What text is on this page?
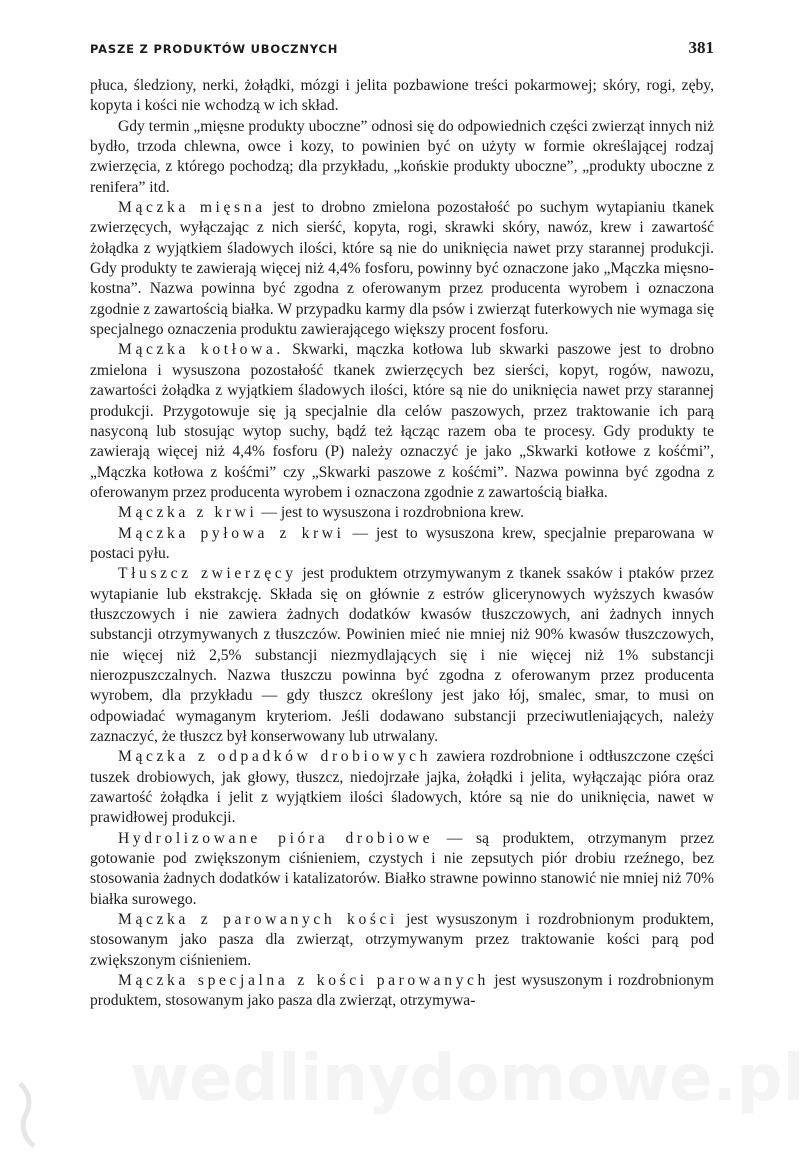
PASZE Z PRODUKTÓW UBOCZNYCH	381

płuca, śledziony, nerki, żołądki, mózgi i jelita pozbawione treści pokarmowej; skóry, rogi, zęby, kopyta i kości nie wchodzą w ich skład.

Gdy termin „mięsne produkty uboczne” odnosi się do odpowiednich części zwierząt innych niż bydło, trzoda chlewna, owce i kozy, to powinien być on użyty w formie określającej rodzaj zwierzęcia, z którego pochodzą; dla przykładu, „końskie produkty uboczne”, „produkty uboczne z renifera” itd.

Mączka mięsna jest to drobno zmielona pozostałość po suchym wytapianiu tkanek zwierzęcych, wyłączając z nich sierść, kopyta, rogi, skrawki skóry, nawóz, krew i zawartość żołądka z wyjątkiem śladowych ilości, które są nie do uniknięcia nawet przy starannej produkcji. Gdy produkty te zawierają więcej niż 4,4% fosforu, powinny być oznaczone jako „Mączka mięsno-kostna”. Nazwa powinna być zgodna z oferowanym przez producenta wyrobem i oznaczona zgodnie z zawartością białka. W przypadku karmy dla psów i zwierząt futerkowych nie wymaga się specjalnego oznaczenia produktu zawierającego większy procent fosforu.

Mączka kotłowa. Skwarki, mączka kotłowa lub skwarki paszowe jest to drobno zmielona i wysuszona pozostałość tkanek zwierzęcych bez sierści, kopyt, rogów, nawozu, zawartości żołądka z wyjątkiem śladowych ilości, które są nie do uniknięcia nawet przy starannej produkcji. Przygotowuje się ją specjalnie dla celów paszowych, przez traktowanie ich parą nasyconą lub stosując wytop suchy, bądź też łącząc razem oba te procesy. Gdy produkty te zawierają więcej niż 4,4% fosforu (P) należy oznaczyć je jako „Skwarki kotłowe z kośćmi”, „Mączka kotłowa z kośćmi” czy „Skwarki paszowe z kośćmi”. Nazwa powinna być zgodna z oferowanym przez producenta wyrobem i oznaczona zgodnie z zawartością białka.

Mączka z krwi — jest to wysuszona i rozdrobniona krew.

Mączka pyłowa z krwi — jest to wysuszona krew, specjalnie preparowana w postaci pyłu.

Tłuszcz zwierzęcy jest produktem otrzymywanym z tkanek ssaków i ptaków przez wytapianie lub ekstrakcję. Składa się on głównie z estrów glicerynowych wyższych kwasów tłuszczowych i nie zawiera żadnych dodatków kwasów tłuszczowych, ani żadnych innych substancji otrzymywanych z tłuszczów. Powinien mieć nie mniej niż 90% kwasów tłuszczowych, nie więcej niż 2,5% substancji niezmydlających się i nie więcej niż 1% substancji nierozpuszczalnych. Nazwa tłuszczu powinna być zgodna z oferowanym przez producenta wyrobem, dla przykładu — gdy tłuszcz określony jest jako łój, smalec, smar, to musi on odpowiadać wymaganym kryteriom. Jeśli dodawano substancji przeciwutleniających, należy zaznaczyć, że tłuszcz był konserwowany lub utrwalany.

Mączka z odpadków drobiowych zawiera rozdrobnione i odtłuszczone części tuszek drobiowych, jak głowy, tłuszcz, niedojrzałe jajka, żołądki i jelita, wyłączając pióra oraz zawartość żołądka i jelit z wyjątkiem ilości śladowych, które są nie do uniknięcia, nawet w prawidłowej produkcji.

Hydrolizowane pióra drobiowe — są produktem, otrzymanym przez gotowanie pod zwiększonym ciśnieniem, czystych i nie zepsutych piór drobiu rzeźnego, bez stosowania żadnych dodatków i katalizatorów. Białko strawne powinno stanowić nie mniej niż 70% białka surowego.

Mączka z parowanych kości jest wysuszonym i rozdrobnionym produktem, stosowanym jako pasza dla zwierząt, otrzymywanym przez traktowanie kości parą pod zwiększonym ciśnieniem.

Mączka specjalna z kości parowanych jest wysuszonym i rozdrobnionym produktem, stosowanym jako pasza dla zwierząt, otrzymywa-

wedlinydomowe.pl
